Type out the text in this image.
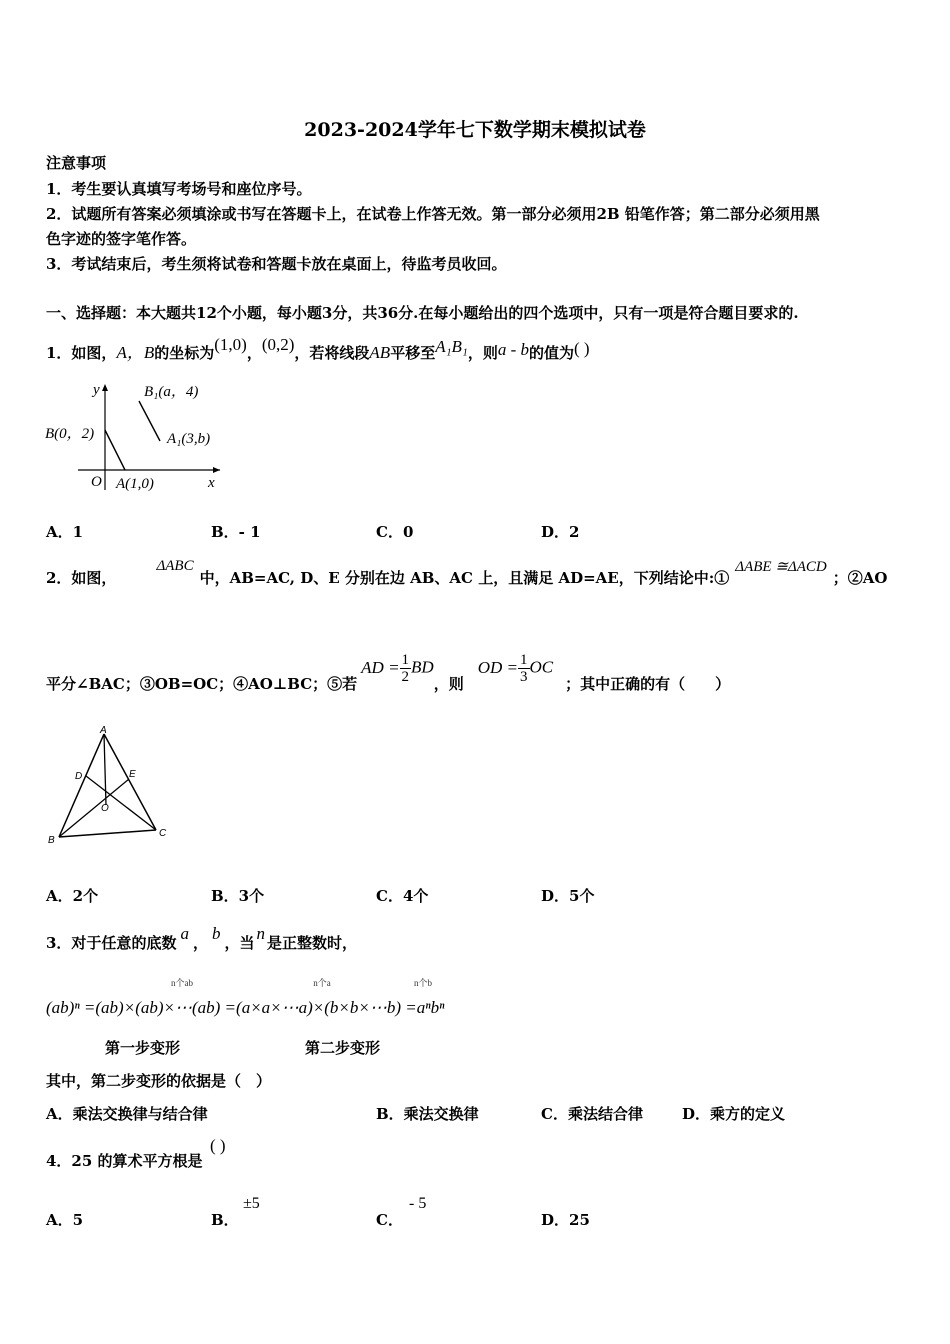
2023-2024学年七下数学期末模拟试卷
注意事项
1．考生要认真填写考场号和座位序号。
2．试题所有答案必须填涂或书写在答题卡上，在试卷上作答无效。第一部分必须用2B 铅笔作答；第二部分必须用黑
色字迹的签字笔作答。
3．考试结束后，考生须将试卷和答题卡放在桌面上，待监考员收回。
一、选择题：本大题共12个小题，每小题3分，共36分.在每小题给出的四个选项中，只有一项是符合题目要求的.
1．如图，A，B的坐标为(1,0)，(0,2)，若将线段AB平移至A₁B₁，则a - b的值为( )
y
x
O
B(0，2)
A(1,0)
B₁(a，4)
A₁(3,b)
A．1	B．- 1	C．0	D．2
2．如图，ΔABC中，AB=AC, D、E 分别在边 AB、AC 上，且满足 AD=AE，下列结论中:①ΔABE ≅ΔACD；②AO
平分∠BAC；③OB=OC；④AO⊥BC；⑤若AD = $\frac{1}{2}$ BD，则OD = $\frac{1}{3}$ OC；其中正确的有（　　）
A
B
C
D	E
O
A．2个	B．3个	C．4个	D．5个
3．对于任意的底数 a ， b ，当 n 是正整数时，
n个ab	n个a	n个b
(ab)ⁿ =(ab)×(ab)×⋯(ab) =(a×a×⋯a)×(b×b×⋯b) =aⁿbⁿ
第一步变形	第二步变形
其中，第二步变形的依据是（　）
A．乘法交换律与结合律	B．乘法交换律	C．乘法结合律	D．乘方的定义
4．25 的算术平方根是
( )
A．5	B．
±5
C．
- 5
D．25
